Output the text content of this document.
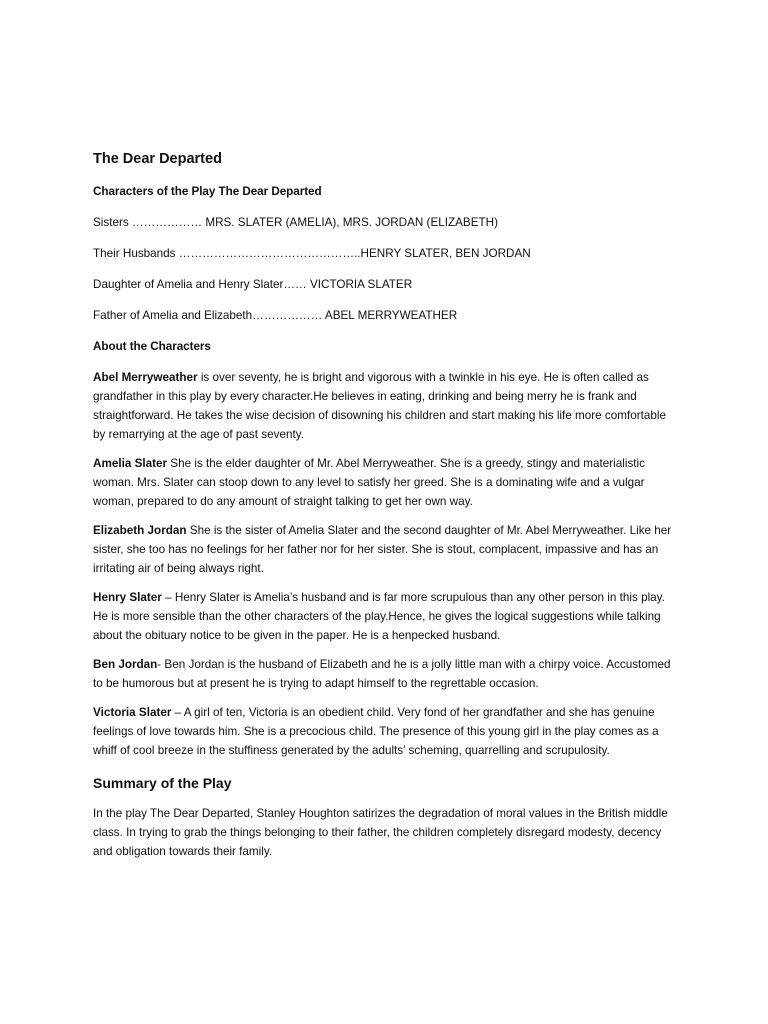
The Dear Departed
Characters of the Play The Dear Departed
Sisters ……………… MRS. SLATER (AMELIA), MRS. JORDAN (ELIZABETH)
Their Husbands ………………………………………..HENRY SLATER, BEN JORDAN
Daughter of Amelia and Henry Slater…… VICTORIA SLATER
Father of Amelia and Elizabeth……………… ABEL MERRYWEATHER
About the Characters
Abel Merryweather is over seventy, he is bright and vigorous with a twinkle in his eye. He is often called as grandfather in this play by every character.He believes in eating, drinking and being merry he is frank and straightforward. He takes the wise decision of disowning his children and start making his life more comfortable by remarrying at the age of past seventy.
Amelia Slater She is the elder daughter of Mr. Abel Merryweather. She is a greedy, stingy and materialistic woman. Mrs. Slater can stoop down to any level to satisfy her greed. She is a dominating wife and a vulgar woman, prepared to do any amount of straight talking to get her own way.
Elizabeth Jordan She is the sister of Amelia Slater and the second daughter of Mr. Abel Merryweather. Like her sister, she too has no feelings for her father nor for her sister. She is stout, complacent, impassive and has an irritating air of being always right.
Henry Slater – Henry Slater is Amelia’s husband and is far more scrupulous than any other person in this play. He is more sensible than the other characters of the play.Hence, he gives the logical suggestions while talking about the obituary notice to be given in the paper. He is a henpecked husband.
Ben Jordan- Ben Jordan is the husband of Elizabeth and he is a jolly little man with a chirpy voice. Accustomed to be humorous but at present he is trying to adapt himself to the regrettable occasion.
Victoria Slater – A girl of ten, Victoria is an obedient child. Very fond of her grandfather and she has genuine feelings of love towards him. She is a precocious child. The presence of this young girl in the play comes as a whiff of cool breeze in the stuffiness generated by the adults’ scheming, quarrelling and scrupulosity.
Summary of the Play
In the play The Dear Departed, Stanley Houghton satirizes the degradation of moral values in the British middle class. In trying to grab the things belonging to their father, the children completely disregard modesty, decency and obligation towards their family.
